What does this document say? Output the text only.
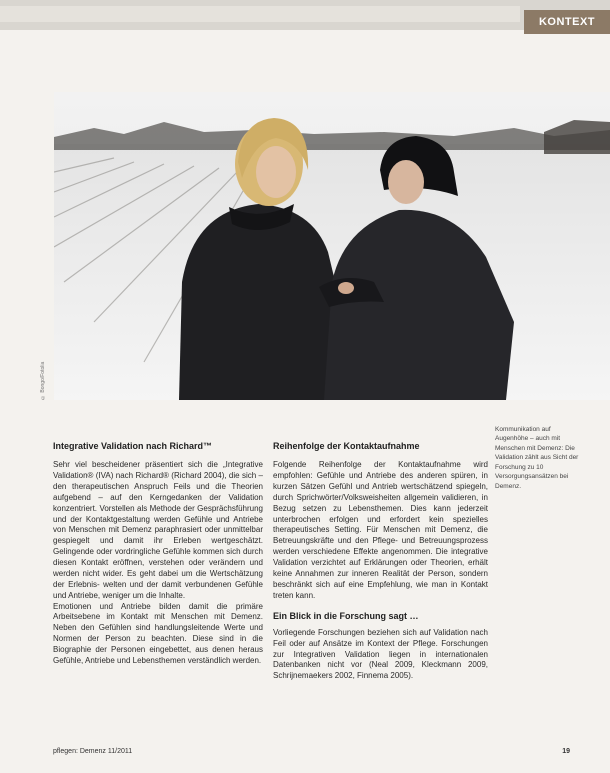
KONTEXT
© Bongo/Fotolia
Kommunikation auf Augenhöhe – auch mit Menschen mit Demenz: Die Validation zählt aus Sicht der Forschung zu 10 Versorgungsansätzen bei Demenz.
Integrative Validation nach Richard™

Sehr viel bescheidener präsentiert sich die „Integrative Validation® (IVA) nach Richard® (Richard 2004), die sich – den therapeutischen Anspruch Feils und die Theorien aufgebend – auf den Kerngedanken der Validation konzentriert. Vorstellen als Methode der Gesprächsführung und der Kontaktgestaltung werden Gefühle und Antriebe von Menschen mit Demenz paraphrasiert oder unmittelbar gespiegelt und damit ihr Erleben wertgeschätzt. Gelingende oder vordringliche Gefühle kommen sich durch diesen Kontakt eröffnen, verstehen oder verändern und werden nicht wider. Es geht dabei um die Wertschätzung der Erlebnis- welten und der damit verbundenen Gefühle und Antriebe, weniger um die Inhalte.

Emotionen und Antriebe bilden damit die primäre Arbeitsebene im Kontakt mit Menschen mit Demenz. Neben den Gefühlen sind handlungsleitende Werte und Normen der Person zu beachten. Diese sind in die Biographie der Personen eingebettet, aus denen heraus Gefühle, Antriebe und Lebensthemen verständlich werden.

Reihenfolge der Kontaktaufnahme

Folgende Reihenfolge der Kontaktaufnahme wird empfohlen: Gefühle und Antriebe des anderen spüren, in kurzen Sätzen Gefühl und Antrieb wertschätzend spiegeln, durch Sprichwörter/Volksweisheiten allgemein validieren, in Bezug setzen zu Lebensthemen. Dies kann jederzeit unterbrochen erfolgen und erfordert kein spezielles therapeutisches Setting. Für Menschen mit Demenz, die Betreuungskräfte und den Pflege- und Betreuungsprozess werden verschiedene Effekte angenommen. Die integrative Validation verzichtet auf Erklärungen oder Theorien, erhält keine Annahmen zur inneren Realität der Person, sondern beschränkt sich auf eine Empfehlung, wie man in Kontakt treten kann.

Ein Blick in die Forschung sagt …

Vorliegende Forschungen beziehen sich auf Validation nach Feil oder auf Ansätze im Kontext der Pflege. Forschungen zur Integrativen Validation liegen in internationalen Datenbanken nicht vor (Neal 2009, Kleckmann 2009, Schrijnemaekers 2002, Finnema 2005).

pflegen: Demenz 11/2011	19
